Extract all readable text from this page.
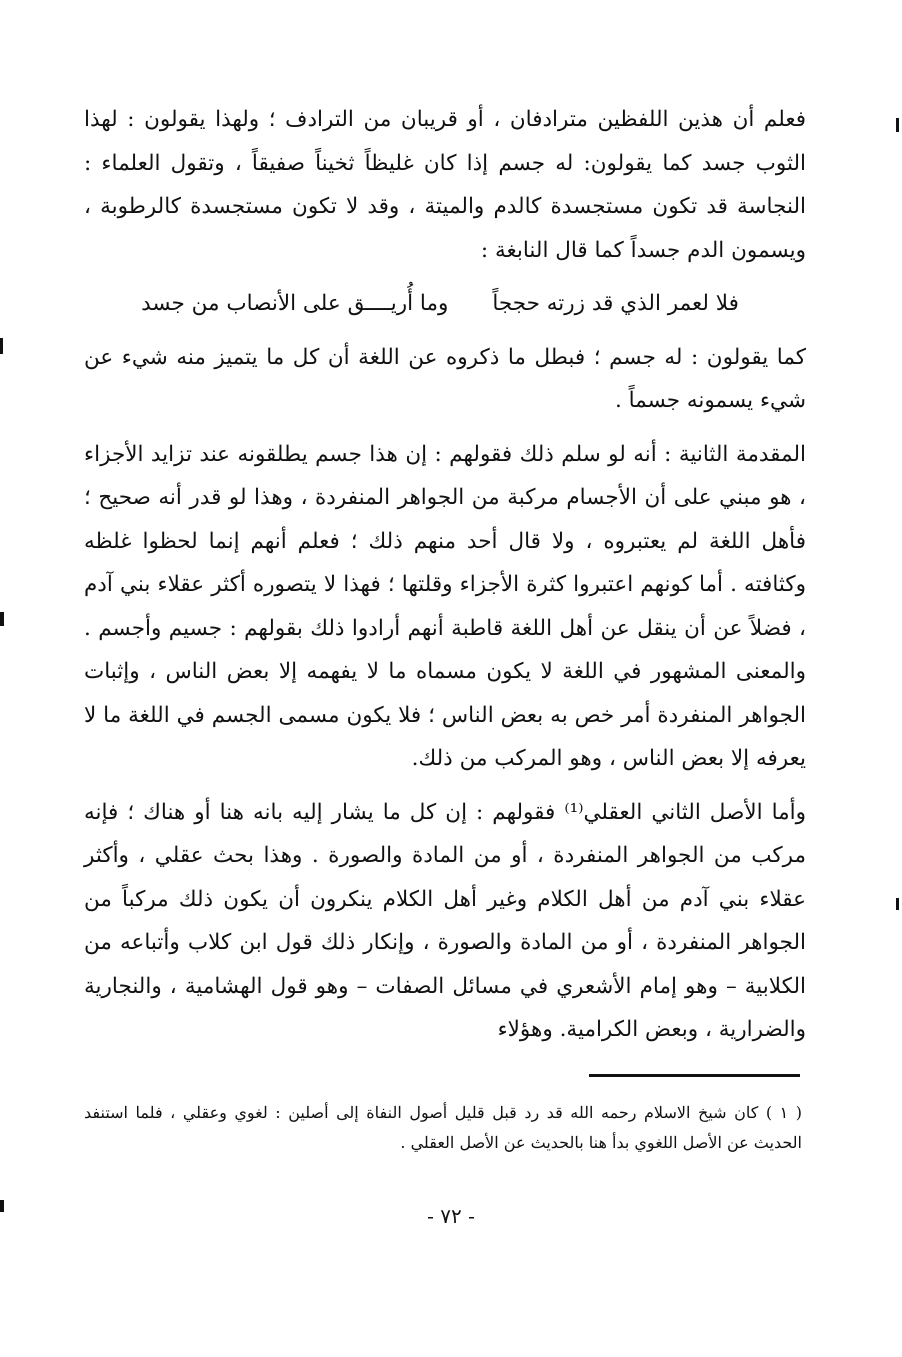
فعلم أن هذين اللفظين مترادفان ، أو قريبان من الترادف ؛ ولهذا يقولون : لهذا الثوب جسد كما يقولون: له جسم إذا كان غليظاً ثخيناً صفيقاً ، وتقول العلماء : النجاسة قد تكون مستجسدة كالدم والميتة ، وقد لا تكون مستجسدة كالرطوبة ، ويسمون الدم جسداً كما قال النابغة :

فلا لعمر الذي قد زرته حججاً
وما أُريــــق على الأنصاب من جسد

كما يقولون : له جسم ؛ فبطل ما ذكروه عن اللغة أن كل ما يتميز منه شيء عن شيء يسمونه جسماً .

المقدمة الثانية : أنه لو سلم ذلك فقولهم : إن هذا جسم يطلقونه عند تزايد الأجزاء ، هو مبني على أن الأجسام مركبة من الجواهر المنفردة ، وهذا لو قدر أنه صحيح ؛ فأهل اللغة لم يعتبروه ، ولا قال أحد منهم ذلك ؛ فعلم أنهم إنما لحظوا غلظه وكثافته . أما كونهم اعتبروا كثرة الأجزاء وقلتها ؛ فهذا لا يتصوره أكثر عقلاء بني آدم ، فضلاً عن أن ينقل عن أهل اللغة قاطبة أنهم أرادوا ذلك بقولهم : جسيم وأجسم . والمعنى المشهور في اللغة لا يكون مسماه ما لا يفهمه إلا بعض الناس ، وإثبات الجواهر المنفردة أمر خص به بعض الناس ؛ فلا يكون مسمى الجسم في اللغة ما لا يعرفه إلا بعض الناس ، وهو المركب من ذلك.

وأما الأصل الثاني العقلي⁽¹⁾ فقولهم : إن كل ما يشار إليه بانه هنا أو هناك ؛ فإنه مركب من الجواهر المنفردة ، أو من المادة والصورة . وهذا بحث عقلي ، وأكثر عقلاء بني آدم من أهل الكلام وغير أهل الكلام ينكرون أن يكون ذلك مركباً من الجواهر المنفردة ، أو من المادة والصورة ، وإنكار ذلك قول ابن كلاب وأتباعه من الكلابية – وهو إمام الأشعري في مسائل الصفات – وهو قول الهشامية ، والنجارية والضرارية ، وبعض الكرامية. وهؤلاء

( ١ ) كان شيخ الاسلام رحمه الله قد رد قبل قليل أصول النفاة إلى أصلين : لغوي وعقلي ، فلما استنفد الحديث عن الأصل اللغوي بدأ هنا بالحديث عن الأصل العقلي .

- ٧٢ -
